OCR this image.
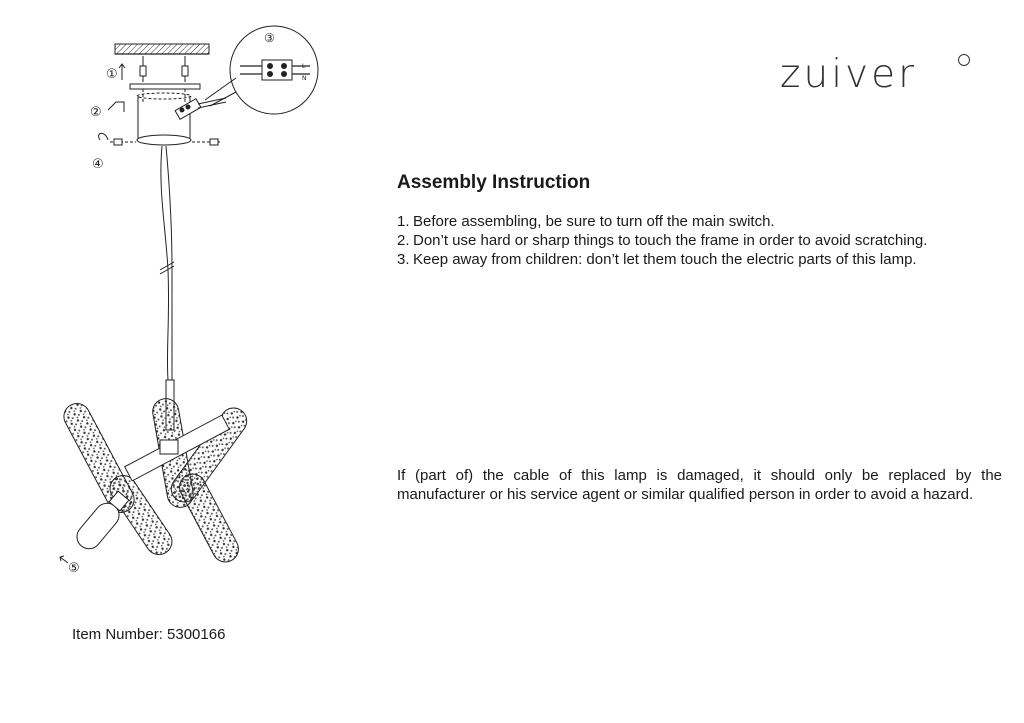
L
N
①
②
③
④
⑤
zuiver
Assembly Instruction
1. Before assembling, be sure to turn off the main switch.
2. Don’t use hard or sharp things to touch the frame in order to avoid scratching.
3. Keep away from children: don’t let them touch the electric parts of this lamp.

If (part of) the cable of this lamp is damaged, it should only be replaced by the manufacturer or his service agent or similar qualified person in order to avoid a hazard.

Item Number: 5300166
